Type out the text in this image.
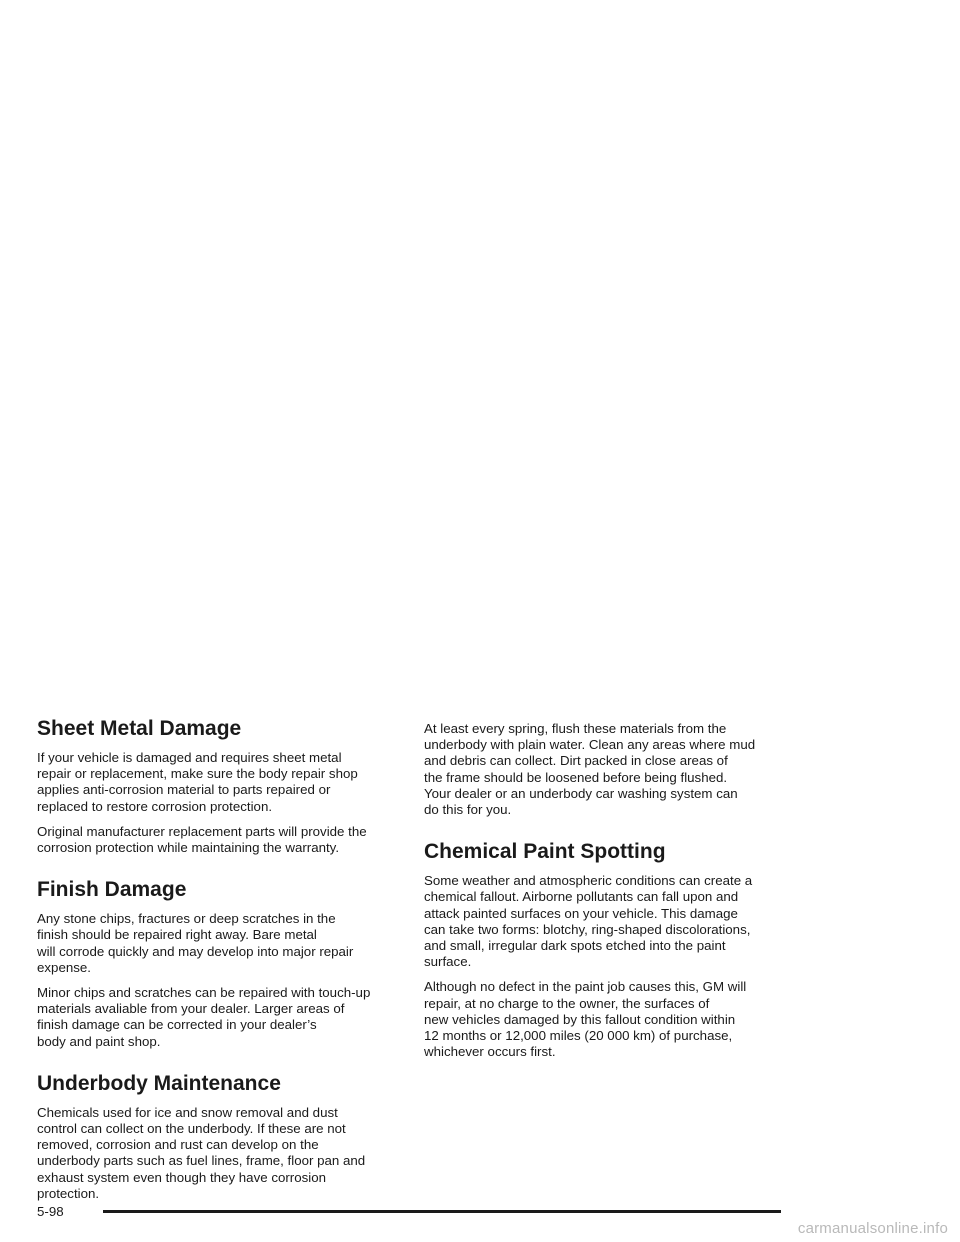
Sheet Metal Damage

If your vehicle is damaged and requires sheet metal
repair or replacement, make sure the body repair shop
applies anti-corrosion material to parts repaired or
replaced to restore corrosion protection.

Original manufacturer replacement parts will provide the
corrosion protection while maintaining the warranty.

Finish Damage

Any stone chips, fractures or deep scratches in the
finish should be repaired right away. Bare metal
will corrode quickly and may develop into major repair
expense.

Minor chips and scratches can be repaired with touch-up
materials avaliable from your dealer. Larger areas of
finish damage can be corrected in your dealer’s
body and paint shop.

Underbody Maintenance

Chemicals used for ice and snow removal and dust
control can collect on the underbody. If these are not
removed, corrosion and rust can develop on the
underbody parts such as fuel lines, frame, floor pan and
exhaust system even though they have corrosion
protection.

At least every spring, flush these materials from the
underbody with plain water. Clean any areas where mud
and debris can collect. Dirt packed in close areas of
the frame should be loosened before being flushed.
Your dealer or an underbody car washing system can
do this for you.

Chemical Paint Spotting

Some weather and atmospheric conditions can create a
chemical fallout. Airborne pollutants can fall upon and
attack painted surfaces on your vehicle. This damage
can take two forms: blotchy, ring-shaped discolorations,
and small, irregular dark spots etched into the paint
surface.

Although no defect in the paint job causes this, GM will
repair, at no charge to the owner, the surfaces of
new vehicles damaged by this fallout condition within
12 months or 12,000 miles (20 000 km) of purchase,
whichever occurs first.

5-98
carmanualsonline.info
